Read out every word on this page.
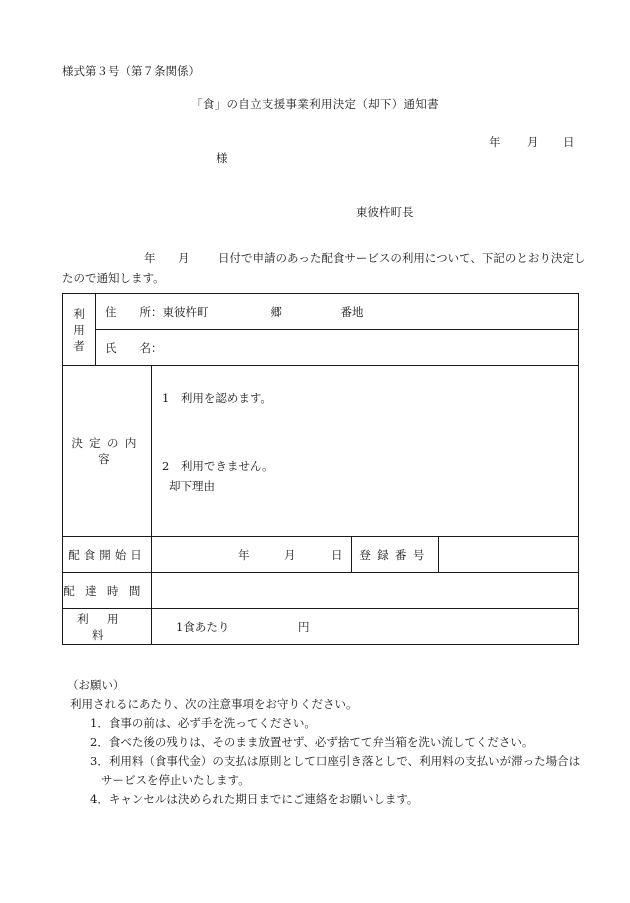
様式第３号（第７条関係）
「食」の自立支援事業利用決定（却下）通知書
年 月 日
様
東彼杵町長
年 月 日付で申請のあった配食サービスの利用について、下記のとおり決定したので通知します。
利
用
者	住　　所：東彼杵町 郷 番地			
	氏　　名：			
決定の内容		1　利用を認めます。
2　利用できません。
却下理由		

配食開始日		年 月 日	登録番号	
配達時間				
利用料		1食あたり 円		
（お願い）
利用されるにあたり、次の注意事項をお守りください。
1．食事の前は、必ず手を洗ってください。
2．食べた後の残りは、そのまま放置せず、必ず捨てて弁当箱を洗い流してください。
3．利用料（食事代金）の支払は原則として口座引き落としで、利用料の支払いが滞った場合は
サービスを停止いたします。
4．キャンセルは決められた期日までにご連絡をお願いします。
